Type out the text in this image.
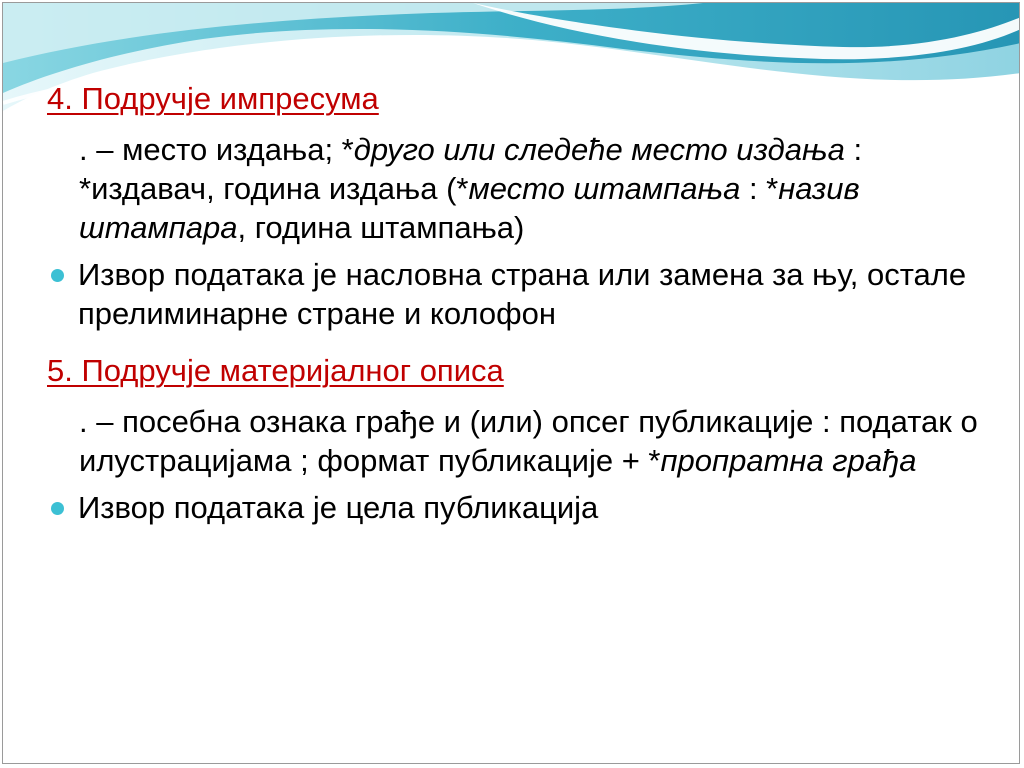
4. Подручје импресума
. – место издања; *друго или следеће место издања : *издавач, година издања (*место штампања : *назив штампара, година штампања)
Извор података је насловна страна или замена за њу, остале прелиминарне стране и колофон
5. Подручје материјалног описа
. – посебна ознака грађе и (или) опсег публикације : податак о илустрацијама ; формат публикације + *пропратна грађа
Извор података је цела публикација
